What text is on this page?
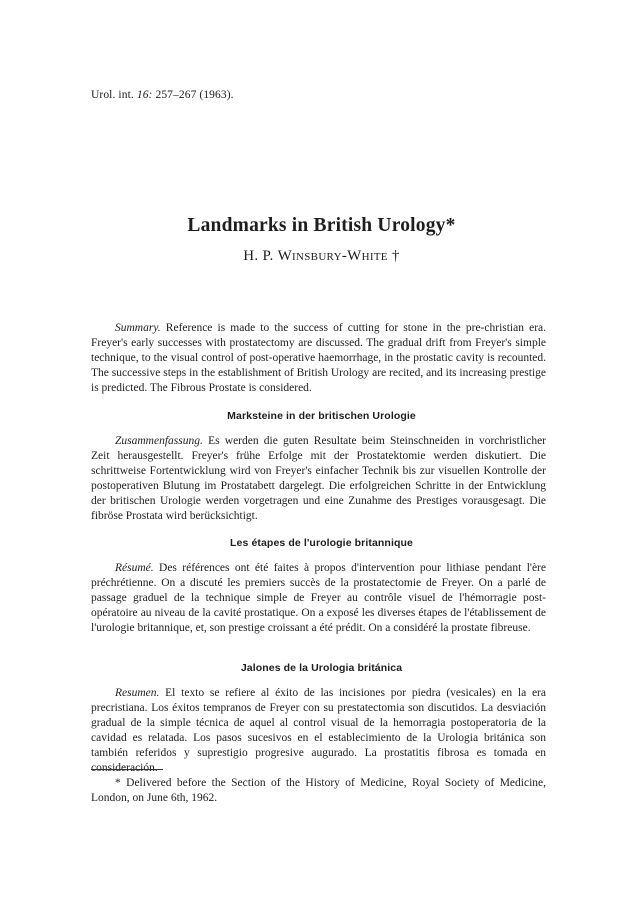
Urol. int. 16: 257–267 (1963).
Landmarks in British Urology*
H. P. Winsbury-White †

Summary. Reference is made to the success of cutting for stone in the pre-christian era. Freyer's early successes with prostatectomy are discussed. The gradual drift from Freyer's simple technique, to the visual control of post-operative haemorrhage, in the prostatic cavity is recounted. The successive steps in the establishment of British Urology are recited, and its increasing prestige is predicted. The Fibrous Prostate is considered.

Marksteine in der britischen Urologie

Zusammenfassung. Es werden die guten Resultate beim Steinschneiden in vorchristlicher Zeit herausgestellt. Freyer's frühe Erfolge mit der Prostatektomie werden diskutiert. Die schrittweise Fortentwicklung wird von Freyer's einfacher Technik bis zur visuellen Kontrolle der postoperativen Blutung im Prostatabett dargelegt. Die erfolgreichen Schritte in der Entwicklung der britischen Urologie werden vorgetragen und eine Zunahme des Prestiges vorausgesagt. Die fibröse Prostata wird berücksichtigt.

Les étapes de l'urologie britannique

Résumé. Des références ont été faites à propos d'intervention pour lithiase pendant l'ère préchrétienne. On a discuté les premiers succès de la prostatectomie de Freyer. On a parlé de passage graduel de la technique simple de Freyer au contrôle visuel de l'hémorragie post-opératoire au niveau de la cavité prostatique. On a exposé les diverses étapes de l'établissement de l'urologie britannique, et, son prestige croissant a été prédit. On a considéré la prostate fibreuse.

Jalones de la Urologia británica

Resumen. El texto se refiere al éxito de las incisiones por piedra (vesicales) en la era precristiana. Los éxitos tempranos de Freyer con su prestatectomia son discutidos. La desviación gradual de la simple técnica de aquel al control visual de la hemorragia postoperatoria de la cavidad es relatada. Los pasos sucesivos en el establecimiento de la Urologia británica son también referidos y suprestigio progresive augurado. La prostatitis fibrosa es tomada en consideración.

* Delivered before the Section of the History of Medicine, Royal Society of Medicine, London, on June 6th, 1962.
